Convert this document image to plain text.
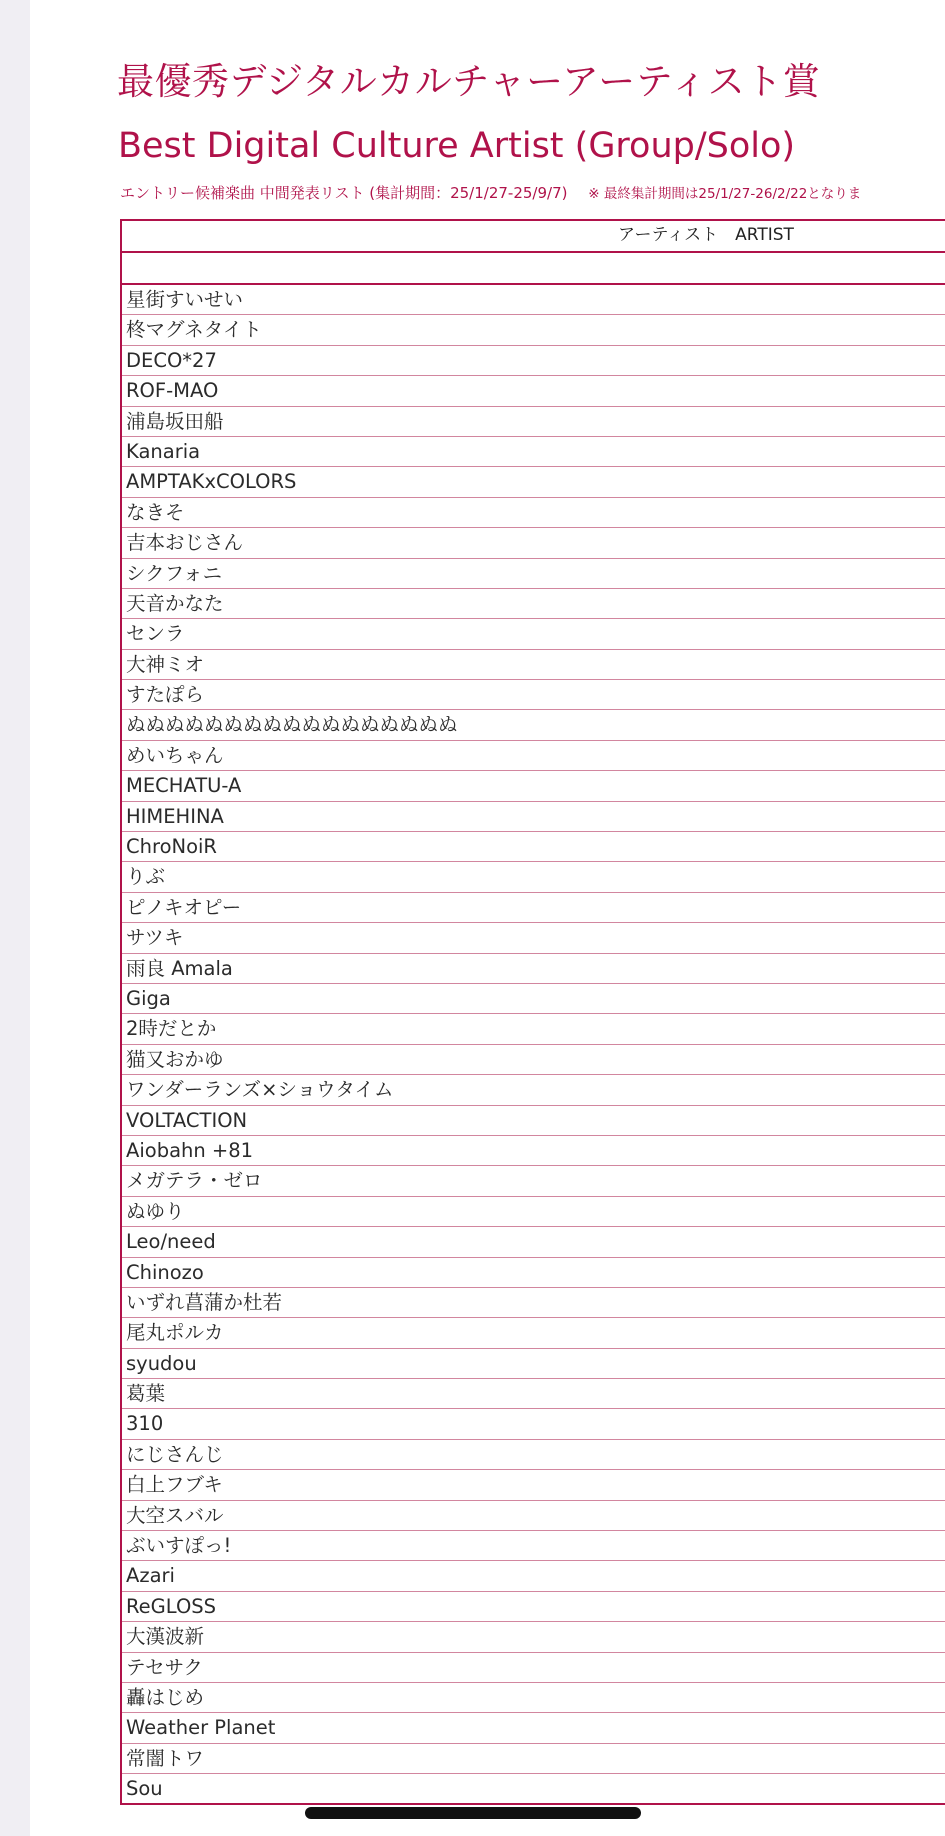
最優秀デジタルカルチャーアーティスト賞
Best Digital Culture Artist (Group/Solo)
エントリー候補楽曲 中間発表リスト (集計期間：25/1/27-25/9/7) ※ 最終集計期間は25/1/27-26/2/22となりま
アーティスト　ARTIST
星街すいせい
柊マグネタイト
DECO*27
ROF-MAO
浦島坂田船
Kanaria
AMPTAKxCOLORS
なきそ
吉本おじさん
シクフォニ
天音かなた
センラ
大神ミオ
すたぽら
ぬぬぬぬぬぬぬぬぬぬぬぬぬぬぬぬぬ
めいちゃん
MECHATU-A
HIMEHINA
ChroNoiR
りぶ
ピノキオピー
サツキ
雨良 Amala
Giga
2時だとか
猫又おかゆ
ワンダーランズ×ショウタイム
VOLTACTION
Aiobahn +81
メガテラ・ゼロ
ぬゆり
Leo/need
Chinozo
いずれ菖蒲か杜若
尾丸ポルカ
syudou
葛葉
310
にじさんじ
白上フブキ
大空スバル
ぶいすぽっ!
Azari
ReGLOSS
大漢波新
テセサク
轟はじめ
Weather Planet
常闇トワ
Sou
